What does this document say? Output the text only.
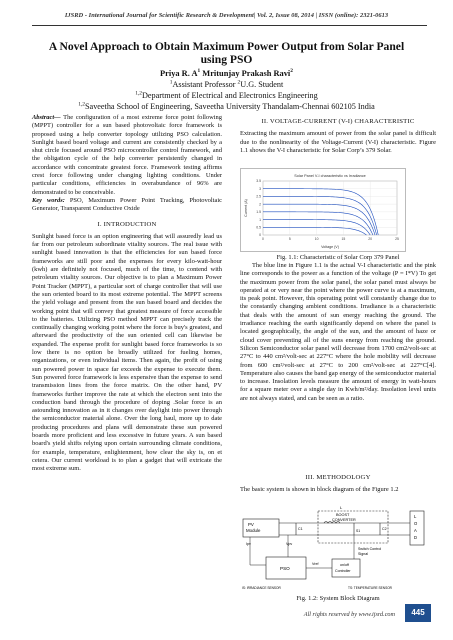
IJSRD - International Journal for Scientific Research & Development| Vol. 2, Issue 08, 2014 | ISSN (online): 2321-0613
A Novel Approach to Obtain Maximum Power Output from Solar Panel
using PSO
Priya R. $A^1$ Mritunjay Prakash Ravi$^2$
$^1$Assistant Professor $^2$U.G. Student
$^{1,2}$Department of Electrical and Electronics Engineering
$^{1,2}$Saveetha School of Engineering, Saveetha University Thandalam-Chennai 602105 India

Abstract— The configuration of a most extreme force point following (MPPT) controller for a sun based photovoltaic force framework is proposed using a help converter topology utilizing PSO calculation. Sunlight based board voltage and current are consistently checked by a shut circle focused around PSO microcontroller control framework, and the obligation cycle of the help converter persistently changed in accordance with concentrate greatest force. Framework testing affirms crest force following under changing lighting conditions. Under particular conditions, efficiencies in overabundance of 96% are demonstrated to be conceivable.

Key words: PSO, Maximum Power Point Tracking, Photovoltaic Generator, Transparent Conductive Oxide

I. INTRODUCTION

Sunlight based force is an option engineering that will assuredly lead us far from our petroleum subordinate vitality sources. The real issue with sunlight based innovation is that the efficiencies for sun based force frameworks are still poor and the expenses for every kilo-watt-hour (kwh) are definitely not focused, much of the time, to contend with petroleum vitality sources. Our objective is to plan a Maximum Power Point Tracker (MPPT), a particular sort of charge controller that will use the sun oriented board to its most extreme potential. The MPPT screens the yield voltage and present from the sun based board and decides the working point that will convey that greatest measure of force accessible to the batteries. Utilizing PSO method MPPT can precisely track the continually changing working point where the force is buy's greatest, and afterward the productivity of the sun oriented cell can likewise be expanded. The expense profit for sunlight based force frameworks is so low there is no option be broadly utilized for fueling homes, organizations, or even individual items. Then again, the profit of using sun powered power in space far exceeds the expense to execute them. Sun powered force framework is less expensive than the expense to send transmission lines from the force matrix. On the other hand, PV frameworks further improve the rate at which the electron sent into the conduction band through the procedure of doping .Solar force is an astounding innovation as in it changes over daylight into power through the semiconductor material alone. Over the long haul, more up to date producing procedures and plans will demonstrate these sun powered boards more proficient and less excessive in future years. A sun based board's yield shifts relying upon certain surrounding climate conditions, for example, temperature, enlightenment, how clear the sky is, on et cetera. Our current workload is to plan a gadget that will extricate the most extreme sum.

II. VOLTAGE-CURRENT (V-I) CHARACTERISTIC

Extracting the maximum amount of power from the solar panel is difficult due to the nonlinearity of the Voltage-Current (V-I) characteristic. Figure 1.1 shows the V-I characteristic for Solar Corp’s 379 Solar.

0
0.5
1
1.5
2
2.5
3
3.5
0	5	10	15	20	25
Solar Panel V-I characteristic vs Irradiance
Voltage (V)
Current (A)
Fig. 1.1: Characteristic of Solar Corp 379 Panel
The blue line in Figure 1.1 is the actual V-I characteristic and the pink line corresponds to the power as a function of the voltage (P = I*V) To get the maximum power from the solar panel, the solar panel must always be operated at or very near the point where the power curve is at a maximum, its peak point. However, this operating point will constantly change due to the constantly changing ambient conditions. Irradiance is a characteristic that deals with the amount of sun energy reaching the ground. The irradiance reaching the earth significantly depend on where the panel is located geographically, the angle of the sun, and the amount of haze or cloud cover preventing all of the suns energy from reaching the ground. Silicon Semiconductor solar panel will decrease from 1700 cm2/volt-sec at 27°C to 440 cm²/volt-sec at 227°C where the hole mobility will decrease from 600 cm²/volt-sec at 27°C to 200 cm²/volt-sec at 227°C[4]. Temperature also causes the band gap energy of the semiconductor material to increase. Insolation levels measure the amount of energy in watt-hours for a square meter over a single day in Kwh/m²/day. Insolation level units are not always stated, and can be seen as a ratio.

III. METHODOLOGY

The basic system is shown in block diagram of the Figure 1.2

PV
Module	C1
BOOST
CONVERTER
L
S1	C2
L
O
A
D
Ipv	Vpv
PSO
Vref	on/off
Controller
Switch Control
Signal
IS: IRRADIANCE SENSOR	TS: TEMPERATURE SENSOR
Fig. 1.2: System Block Diagram
All rights reserved by www.ijsrd.com	445
